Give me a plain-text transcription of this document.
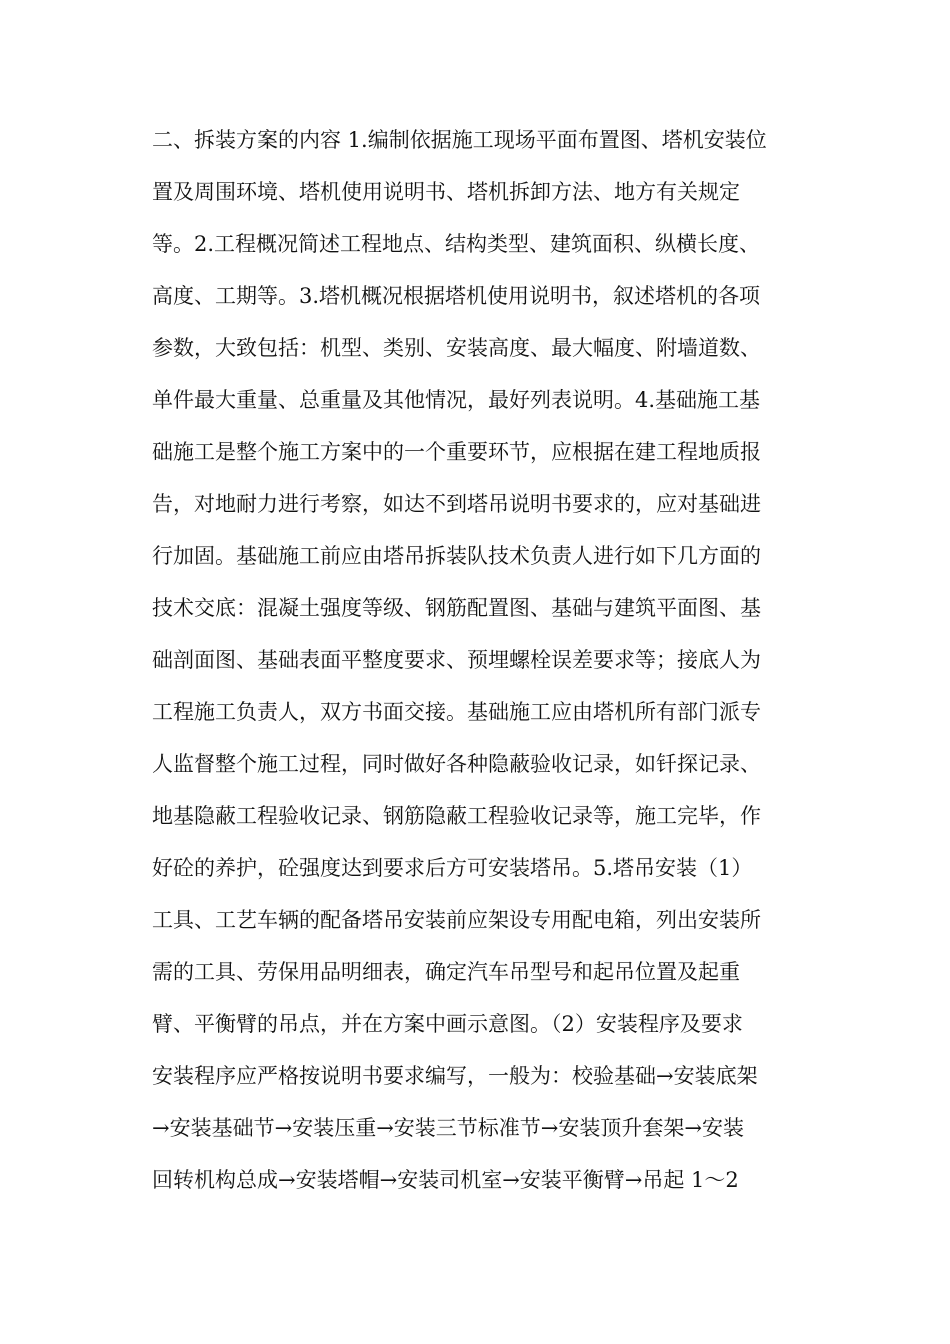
二、拆装方案的内容 1.编制依据施工现场平面布置图、塔机安装位
置及周围环境、塔机使用说明书、塔机拆卸方法、地方有关规定
等。2.工程概况简述工程地点、结构类型、建筑面积、纵横长度、
高度、工期等。3.塔机概况根据塔机使用说明书，叙述塔机的各项
参数，大致包括：机型、类别、安装高度、最大幅度、附墙道数、
单件最大重量、总重量及其他情况，最好列表说明。4.基础施工基
础施工是整个施工方案中的一个重要环节，应根据在建工程地质报
告，对地耐力进行考察，如达不到塔吊说明书要求的，应对基础进
行加固。基础施工前应由塔吊拆装队技术负责人进行如下几方面的
技术交底：混凝土强度等级、钢筋配置图、基础与建筑平面图、基
础剖面图、基础表面平整度要求、预埋螺栓误差要求等；接底人为
工程施工负责人，双方书面交接。基础施工应由塔机所有部门派专
人监督整个施工过程，同时做好各种隐蔽验收记录，如钎探记录、
地基隐蔽工程验收记录、钢筋隐蔽工程验收记录等，施工完毕，作
好砼的养护，砼强度达到要求后方可安装塔吊。5.塔吊安装（1）
工具、工艺车辆的配备塔吊安装前应架设专用配电箱，列出安装所
需的工具、劳保用品明细表，确定汽车吊型号和起吊位置及起重
臂、平衡臂的吊点，并在方案中画示意图。（2）安装程序及要求
安装程序应严格按说明书要求编写，一般为：校验基础→安装底架
→安装基础节→安装压重→安装三节标准节→安装顶升套架→安装
回转机构总成→安装塔帽→安装司机室→安装平衡臂→吊起 1～2
